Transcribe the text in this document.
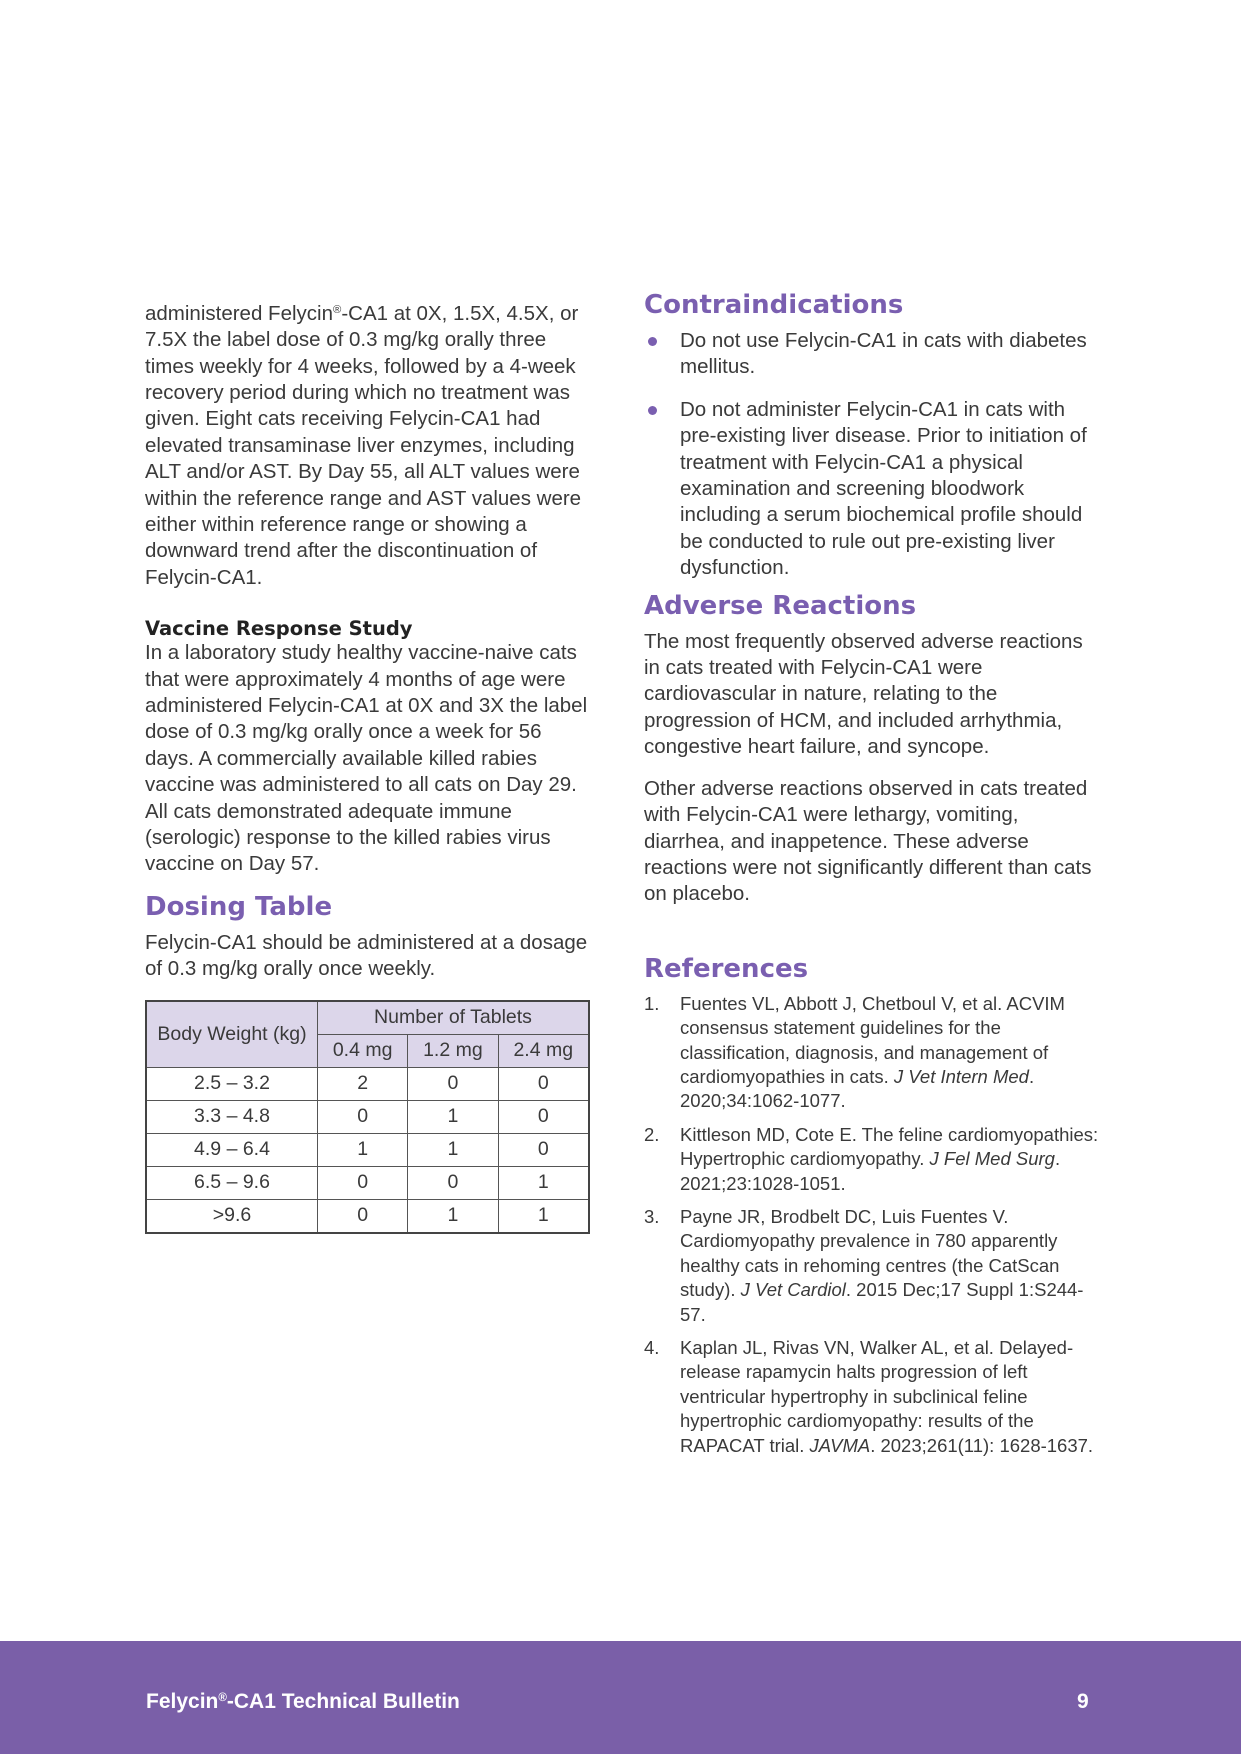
administered Felycin®-CA1 at 0X, 1.5X, 4.5X, or 7.5X the label dose of 0.3 mg/kg orally three times weekly for 4 weeks, followed by a 4-week recovery period during which no treatment was given. Eight cats receiving Felycin-CA1 had elevated transaminase liver enzymes, including ALT and/or AST. By Day 55, all ALT values were within the reference range and AST values were either within reference range or showing a downward trend after the discontinuation of Felycin-CA1.

Vaccine Response Study

In a laboratory study healthy vaccine-naive cats that were approximately 4 months of age were administered Felycin-CA1 at 0X and 3X the label dose of 0.3 mg/kg orally once a week for 56 days. A commercially available killed rabies vaccine was administered to all cats on Day 29. All cats demonstrated adequate immune (serologic) response to the killed rabies virus vaccine on Day 57.

Dosing Table

Felycin-CA1 should be administered at a dosage of 0.3 mg/kg orally once weekly.

Body Weight (kg)	Number of Tablets		
	0.4 mg	1.2 mg	2.4 mg
2.5 – 3.2	2	0	0
3.3 – 4.8	0	1	0
4.9 – 6.4	1	1	0
6.5 – 9.6	0	0	1
>9.6	0	1	1
Contraindications
Do not use Felycin-CA1 in cats with diabetes mellitus.
Do not administer Felycin-CA1 in cats with pre-existing liver disease. Prior to initiation of treatment with Felycin-CA1 a physical examination and screening bloodwork including a serum biochemical profile should be conducted to rule out pre-existing liver dysfunction.
Adverse Reactions

The most frequently observed adverse reactions in cats treated with Felycin-CA1 were cardiovascular in nature, relating to the progression of HCM, and included arrhythmia, congestive heart failure, and syncope.

Other adverse reactions observed in cats treated with Felycin-CA1 were lethargy, vomiting, diarrhea, and inappetence. These adverse reactions were not significantly different than cats on placebo.

References
1. Fuentes VL, Abbott J, Chetboul V, et al. ACVIM consensus statement guidelines for the classification, diagnosis, and management of cardiomyopathies in cats. J Vet Intern Med. 2020;34:1062-1077.
2. Kittleson MD, Cote E. The feline cardiomyopathies: Hypertrophic cardiomyopathy. J Fel Med Surg. 2021;23:1028-1051.
3. Payne JR, Brodbelt DC, Luis Fuentes V. Cardiomyopathy prevalence in 780 apparently healthy cats in rehoming centres (the CatScan study). J Vet Cardiol. 2015 Dec;17 Suppl 1:S244-57.
4. Kaplan JL, Rivas VN, Walker AL, et al. Delayed-release rapamycin halts progression of left ventricular hypertrophy in subclinical feline hypertrophic cardiomyopathy: results of the RAPACAT trial. JAVMA. 2023;261(11): 1628-1637.
Felycin®-CA1 Technical Bulletin	9
